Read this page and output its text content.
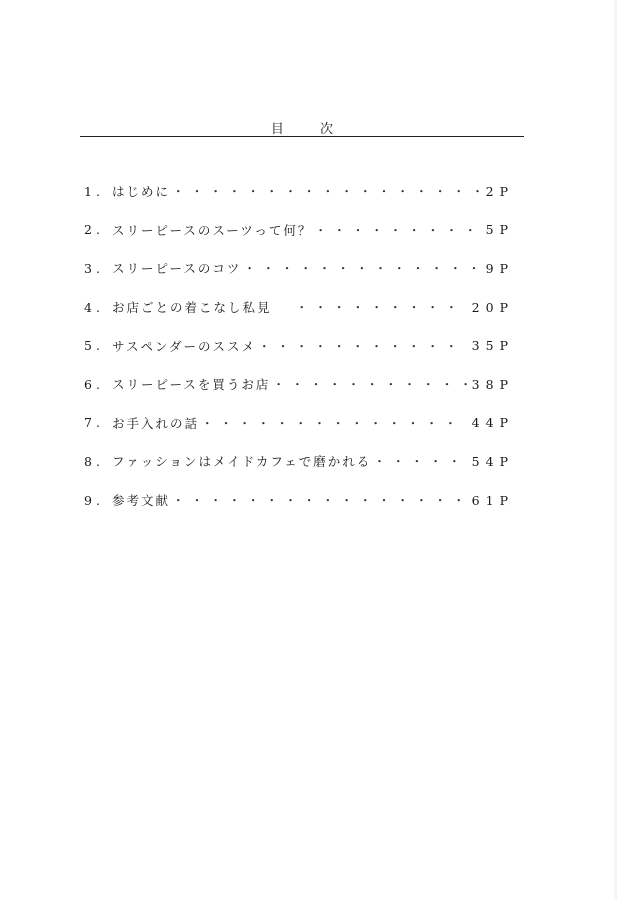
目 次
1. はじめに ・・・・・・・・・・・・・・・・・・・・・・・・・・・・・・・・・・・・・・・・	2P
2. スリーピースのスーツって何？ ・・・・・・・・・・・・・・・・・・・・・・・・・・・・・・・・・・・・・・・・	5P
3. スリーピースのコツ ・・・・・・・・・・・・・・・・・・・・・・・・・・・・・・・・・・・・・・・・	9P
4. お店ごとの着こなし私見 ・・・・・・・・・・・・・・・・・・・・・・・・・・・・・・・・・・・・・・・・	20P
5. サスペンダーのススメ ・・・・・・・・・・・・・・・・・・・・・・・・・・・・・・・・・・・・・・・・	35P
6. スリーピースを買うお店 ・・・・・・・・・・・・・・・・・・・・・・・・・・・・・・・・・・・・・・・・	38P
7. お手入れの話 ・・・・・・・・・・・・・・・・・・・・・・・・・・・・・・・・・・・・・・・・	44P
8. ファッションはメイドカフェで磨かれる ・・・・・・・・・・・・・・・・・・・・・・・・・・・・・・・・・・・・・・・・	54P
9. 参考文献 ・・・・・・・・・・・・・・・・・・・・・・・・・・・・・・・・・・・・・・・・	61P
